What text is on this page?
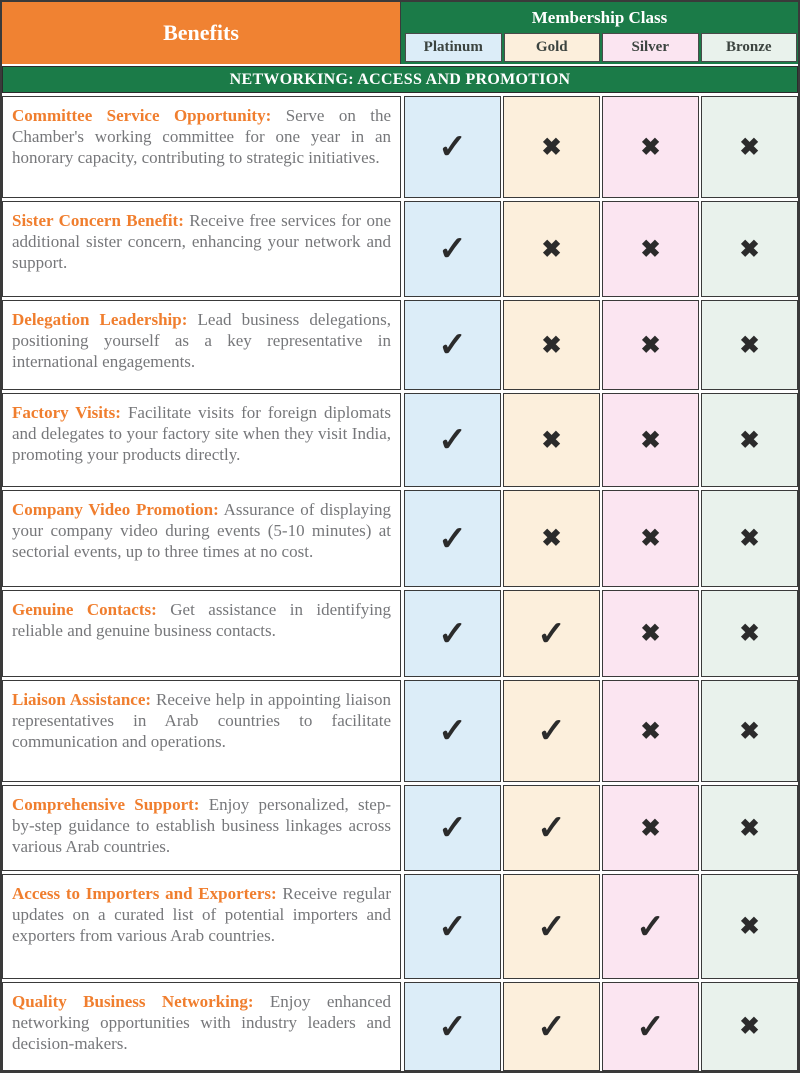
Benefits
Membership Class
Platinum	Gold	Silver	Bronze
NETWORKING: ACCESS AND PROMOTION
Committee Service Opportunity: Serve on the Chamber's working committee for one year in an honorary capacity, contributing to strategic initiatives.	✓	✖	✖	✖
Sister Concern Benefit: Receive free services for one additional sister concern, enhancing your network and support.	✓	✖	✖	✖
Delegation Leadership: Lead business delegations, positioning yourself as a key representative in international engagements.	✓	✖	✖	✖
Factory Visits: Facilitate visits for foreign diplomats and delegates to your factory site when they visit India, promoting your products directly.	✓	✖	✖	✖
Company Video Promotion: Assurance of displaying your company video during events (5-10 minutes) at sectorial events, up to three times at no cost.	✓	✖	✖	✖
Genuine Contacts: Get assistance in identifying reliable and genuine business contacts.	✓	✓	✖	✖
Liaison Assistance: Receive help in appointing liaison representatives in Arab countries to facilitate communication and operations.	✓	✓	✖	✖
Comprehensive Support: Enjoy personalized, step-by-step guidance to establish business linkages across various Arab countries.	✓	✓	✖	✖
Access to Importers and Exporters: Receive regular updates on a curated list of potential importers and exporters from various Arab countries.	✓	✓	✓	✖
Quality Business Networking: Enjoy enhanced networking opportunities with industry leaders and decision-makers.	✓	✓	✓	✖
